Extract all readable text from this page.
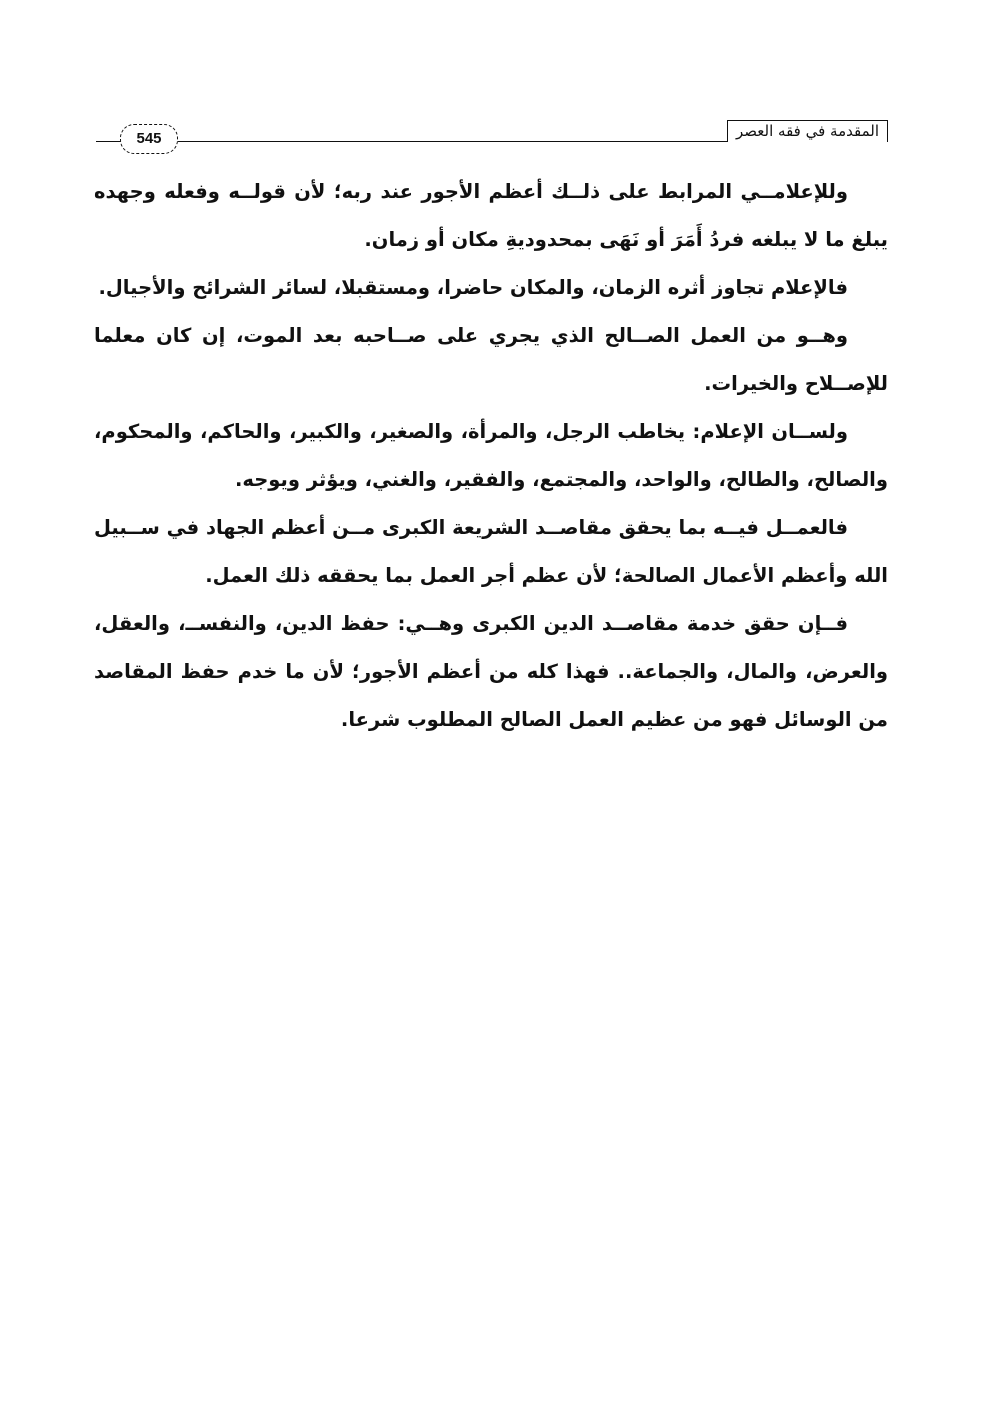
المقدمة في فقه العصر
545

وللإعلامــي المرابط على ذلــك أعظم الأجور عند ربه؛ لأن قولــه وفعله وجهده يبلغ ما لا يبلغه فردُ أَمَرَ أو نَهَى بمحدوديةِ مكان أو زمان.

فالإعلام تجاوز أثره الزمان، والمكان حاضرا، ومستقبلا، لسائر الشرائح والأجيال.

وهــو من العمل الصــالح الذي يجري على صــاحبه بعد الموت، إن كان معلما للإصــلاح والخيرات.

ولســان الإعلام: يخاطب الرجل، والمرأة، والصغير، والكبير، والحاكم، والمحكوم، والصالح، والطالح، والواحد، والمجتمع، والفقير، والغني، ويؤثر ويوجه.

فالعمــل فيــه بما يحقق مقاصــد الشريعة الكبرى مــن أعظم الجهاد في ســبيل الله وأعظم الأعمال الصالحة؛ لأن عظم أجر العمل بما يحققه ذلك العمل.

فــإن حقق خدمة مقاصــد الدين الكبرى وهــي: حفظ الدين، والنفســ، والعقل، والعرض، والمال، والجماعة.. فهذا كله من أعظم الأجور؛ لأن ما خدم حفظ المقاصد من الوسائل فهو من عظيم العمل الصالح المطلوب شرعا.
